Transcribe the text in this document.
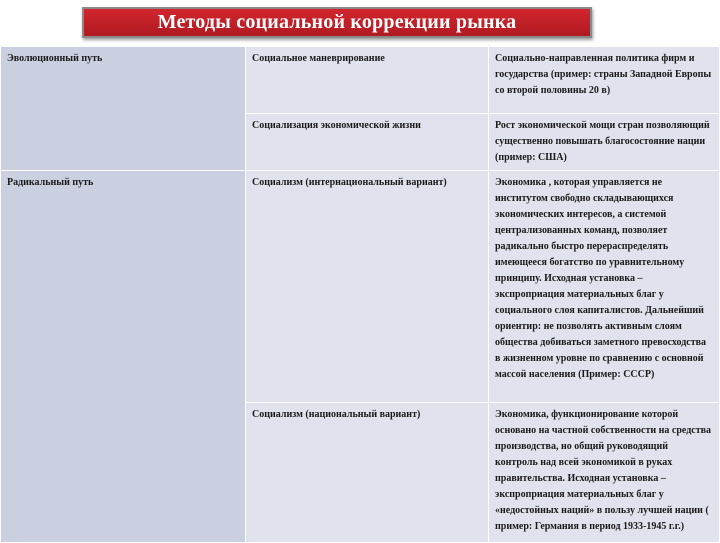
Методы социальной коррекции рынка
Эволюционный путь	Социальное маневрирование	Социально-направленная политика фирм и государства (пример: страны Западной Европы со второй половины 20 в)
	Социализация экономической жизни	Рост экономической мощи стран позволяющий существенно повышать благосостояние нации (пример: США)
Радикальный путь	Социализм (интернациональный вариант)	Экономика , которая управляется не институтом свободно складывающихся экономических интересов, а системой централизованных команд, позволяет радикально быстро перераспределять имеющееся богатство по уравнительному принципу. Исходная установка – экспроприация материальных благ у социального слоя капиталистов. Дальнейший ориентир: не позволять активным слоям общества добиваться заметного превосходства в жизненном уровне по сравнению с основной массой населения (Пример: СССР)
	Социализм (национальный вариант)	Экономика, функционирование которой основано на частной собственности на средства производства, но общий руководящий контроль над всей экономикой в руках правительства. Исходная установка – экспроприация материальных благ у «недостойных наций» в пользу лучшей нации ( пример: Германия в период 1933-1945 г.г.)
